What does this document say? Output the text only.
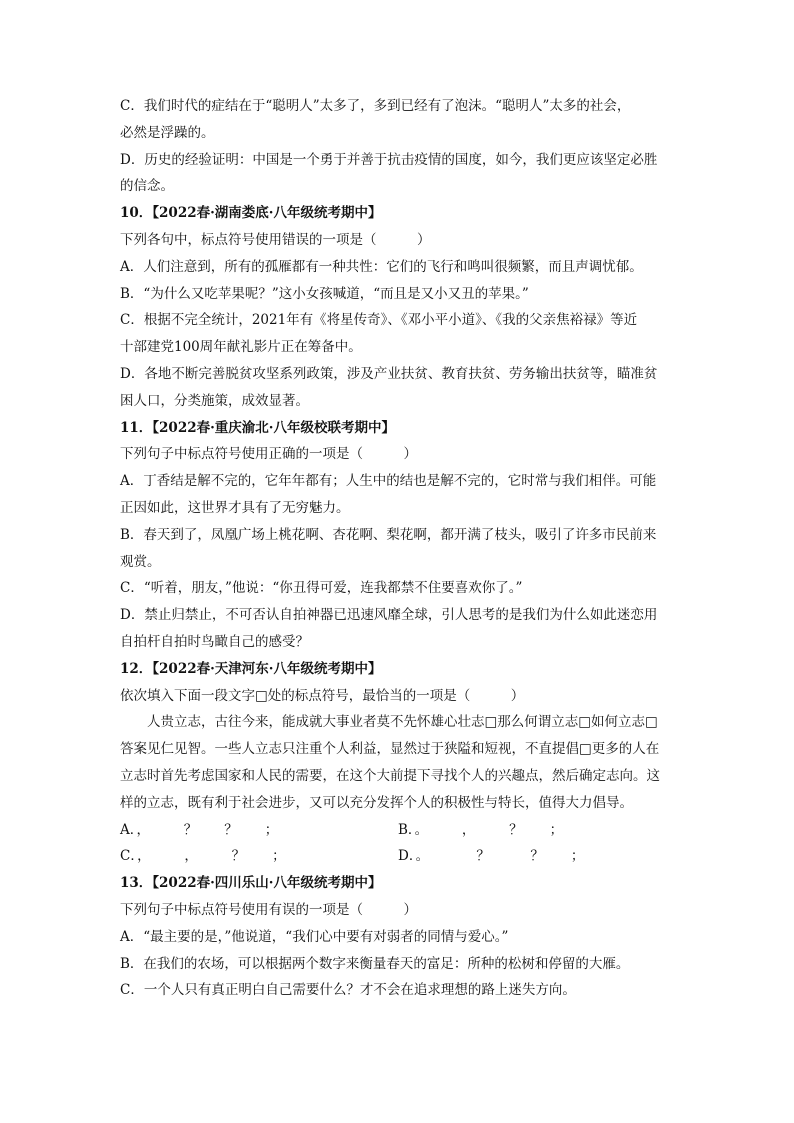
C．我们时代的症结在于“聪明人”太多了，多到已经有了泡沫。“聪明人”太多的社会，
必然是浮躁的。
D．历史的经验证明：中国是一个勇于并善于抗击疫情的国度，如今，我们更应该坚定必胜
的信念。
10．【2022春·湖南娄底·八年级统考期中】
下列各句中，标点符号使用错误的一项是（　　　）
A．人们注意到，所有的孤雁都有一种共性：它们的飞行和鸣叫很频繁，而且声调忧郁。
B．“为什么又吃苹果呢？”这小女孩喊道，“而且是又小又丑的苹果。”
C．根据不完全统计，2021年有《将星传奇》、《邓小平小道》、《我的父亲焦裕禄》等近
十部建党100周年献礼影片正在筹备中。
D．各地不断完善脱贫攻坚系列政策，涉及产业扶贫、教育扶贫、劳务输出扶贫等，瞄准贫
困人口，分类施策，成效显著。
11．【2022春·重庆渝北·八年级校联考期中】
下列句子中标点符号使用正确的一项是（　　　）
A．丁香结是解不完的，它年年都有；人生中的结也是解不完的，它时常与我们相伴。可能
正因如此，这世界才具有了无穷魅力。
B．春天到了，凤凰广场上桃花啊、杏花啊、梨花啊，都开满了枝头，吸引了许多市民前来
观赏。
C．“听着，朋友，”他说：“你丑得可爱，连我都禁不住要喜欢你了。”
D．禁止归禁止，不可否认自拍神器已迅速风靡全球，引人思考的是我们为什么如此迷恋用
自拍杆自拍时鸟瞰自己的感受？
12．【2022春·天津河东·八年级统考期中】
依次填入下面一段文字□处的标点符号，最恰当的一项是（　　　）
人贵立志，古往今来，能成就大事业者莫不先怀雄心壮志□那么何谓立志□如何立志□
答案见仁见智。一些人立志只注重个人利益，显然过于狭隘和短视，不直提倡□更多的人在
立志时首先考虑国家和人民的需要，在这个大前提下寻找个人的兴趣点，然后确定志向。这
样的立志，既有利于社会进步，又可以充分发挥个人的积极性与特长，值得大力倡导。
A．，　　　？　　？　　；	B．。　　　，　　　？　　；
C．，　　　，　　　？　　；	D．。　　　　？　　　？　　；
13．【2022春·四川乐山·八年级统考期中】
下列句子中标点符号使用有误的一项是（　　　）
A．“最主要的是，”他说道，“我们心中要有对弱者的同情与爱心。”
B．在我们的农场，可以根据两个数字来衡量春天的富足：所种的松树和停留的大雁。
C．一个人只有真正明白自己需要什么？才不会在追求理想的路上迷失方向。
